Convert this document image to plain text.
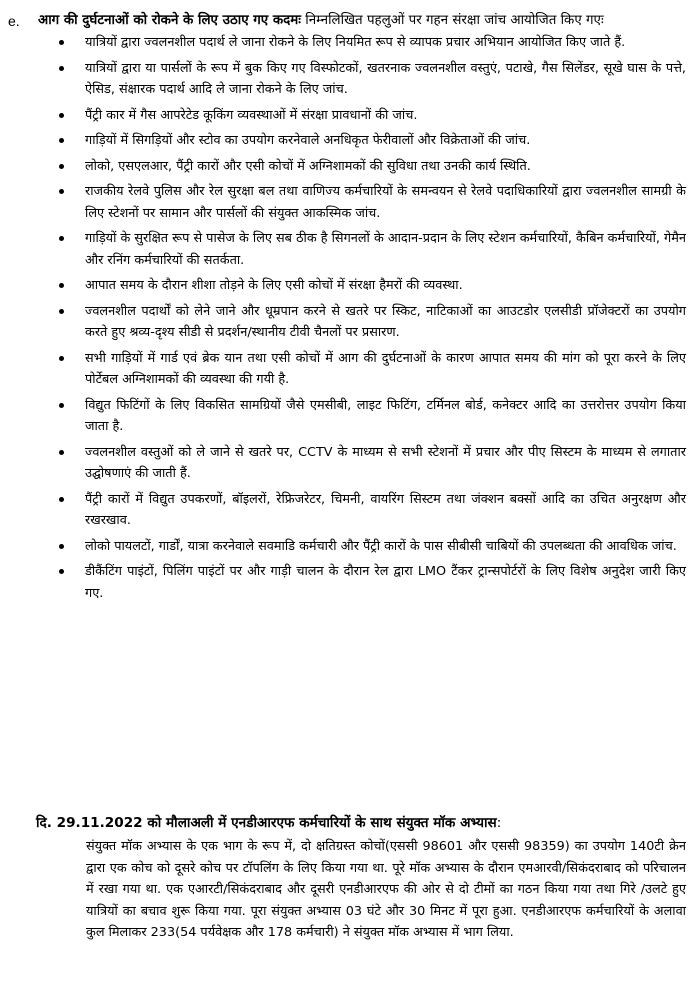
e. आग की दुर्घटनाओं को रोकने के लिए उठाए गए कदमः निम्नलिखित पहलुओं पर गहन संरक्षा जांच आयोजित किए गएः
यात्रियों द्वारा ज्वलनशील पदार्थ ले जाना रोकने के लिए नियमित रूप से व्यापक प्रचार अभियान आयोजित किए जाते हैं.
यात्रियों द्वारा या पार्सलों के रूप में बुक किए गए विस्फोटकों, खतरनाक ज्वलनशील वस्तुएं, पटाखे, गैस सिलेंडर, सूखे घास के पत्ते, ऐसिड, संक्षारक पदार्थ आदि ले जाना रोकने के लिए जांच.
पैंट्री कार में गैस आपरेटेड कूकिंग व्यवस्थाओं में संरक्षा प्रावधानों की जांच.
गाड़ियों में सिगड़ियों और स्टोव का उपयोग करनेवाले अनधिकृत फेरीवालों और विक्रेताओं की जांच.
लोको, एसएलआर, पैंट्री कारों और एसी कोचों में अग्निशामकों की सुविधा तथा उनकी कार्य स्थिति.
राजकीय रेलवे पुलिस और रेल सुरक्षा बल तथा वाणिज्य कर्मचारियों के समन्वयन से रेलवे पदाधिकारियों द्वारा ज्वलनशील सामग्री के लिए स्टेशनों पर सामान और पार्सलों की संयुक्त आकस्मिक जांच.
गाड़ियों के सुरक्षित रूप से पासेज के लिए सब ठीक है सिगनलों के आदान-प्रदान के लिए स्टेशन कर्मचारियों, कैबिन कर्मचारियों, गेमैन और रनिंग कर्मचारियों की सतर्कता.
आपात समय के दौरान शीशा तोड़ने के लिए एसी कोचों में संरक्षा हैमरों की व्यवस्था.
ज्वलनशील पदार्थों को लेने जाने और धूम्रपान करने से खतरे पर स्किट, नाटिकाओं का आउटडोर एलसीडी प्रॉजेक्टरों का उपयोग करते हुए श्रव्य-दृश्य सीडी से प्रदर्शन/स्थानीय टीवी चैनलों पर प्रसारण.
सभी गाड़ियों में गार्ड एवं ब्रेक यान तथा एसी कोचों में आग की दुर्घटनाओं के कारण आपात समय की मांग को पूरा करने के लिए पोर्टेबल अग्निशामकों की व्यवस्था की गयी है.
विद्युत फिटिंगों के लिए विकसित सामग्रियों जैसे एमसीबी, लाइट फिटिंग, टर्मिनल बोर्ड, कनेक्टर आदि का उत्तरोत्तर उपयोग किया जाता है.
ज्वलनशील वस्तुओं को ले जाने से खतरे पर, CCTV के माध्यम से सभी स्टेशनों में प्रचार और पीए सिस्टम के माध्यम से लगातार उद्घोषणाएं की जाती हैं.
पैंट्री कारों में विद्युत उपकरणों, बॉइलरों, रेफ्रिजरेटर, चिमनी, वायरिंग सिस्टम तथा जंक्शन बक्सों आदि का उचित अनुरक्षण और रखरखाव.
लोको पायलटों, गार्डों, यात्रा करनेवाले सवमाडि कर्मचारी और पैंट्री कारों के पास सीबीसी चाबियों की उपलब्धता की आवधिक जांच.
डीकैंटिंग पाइंटों, पिलिंग पाइंटों पर और गाड़ी चालन के दौरान रेल द्वारा LMO टैंकर ट्रान्सपोर्टरों के लिए विशेष अनुदेश जारी किए गए.
दि. 29.11.2022 को मौलाअली में एनडीआरएफ कर्मचारियों के साथ संयुक्त मॉक अभ्यास:
संयुक्त मॉक अभ्यास के एक भाग के रूप में, दो क्षतिग्रस्त कोचों(एससी 98601 और एससी 98359) का उपयोग 140टी क्रेन द्वारा एक कोच को दूसरे कोच पर टॉपलिंग के लिए किया गया था. पूरे मॉक अभ्यास के दौरान एमआरवी/सिकंदराबाद को परिचालन में रखा गया था. एक एआरटी/सिकंदराबाद और दूसरी एनडीआरएफ की ओर से दो टीमों का गठन किया गया तथा गिरे /उलटे हुए यात्रियों का बचाव शुरू किया गया. पूरा संयुक्त अभ्यास 03 घंटे और 30 मिनट में पूरा हुआ. एनडीआरएफ कर्मचारियों के अलावा कुल मिलाकर 233(54 पर्यवेक्षक और 178 कर्मचारी) ने संयुक्त मॉक अभ्यास में भाग लिया.
